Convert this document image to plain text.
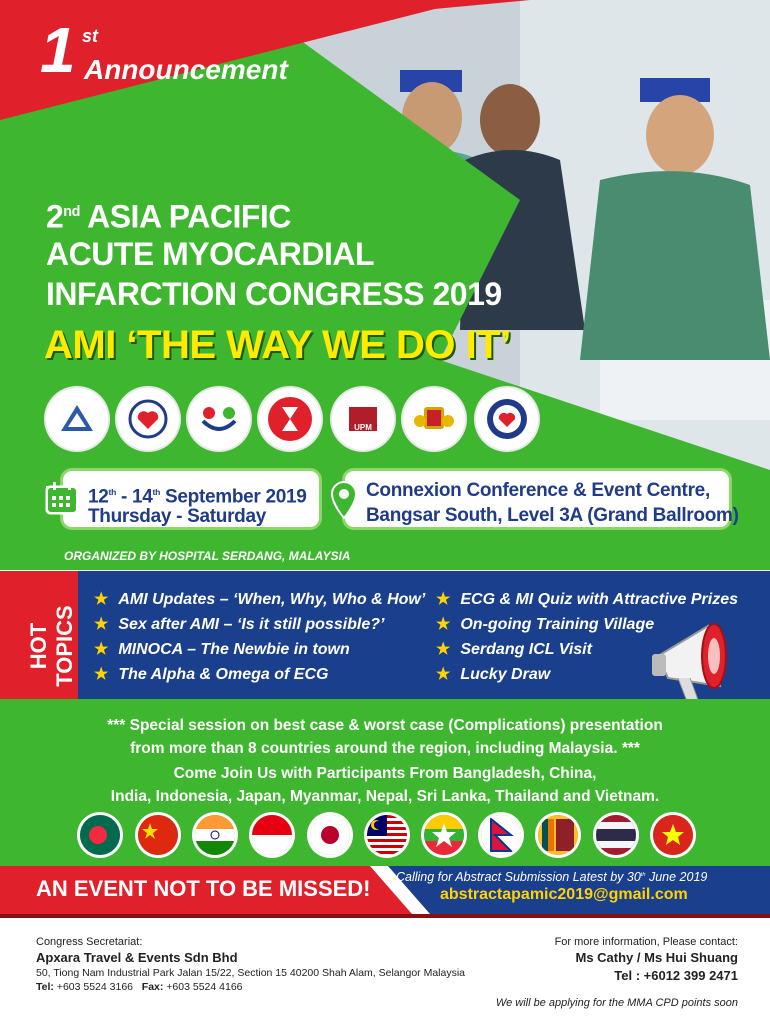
1 st
Announcement
2nd ASIA PACIFIC
ACUTE MYOCARDIAL
INFARCTION CONGRESS 2019
AMI ‘THE WAY WE DO IT’
UPM
12th - 14th September 2019
Thursday - Saturday
Connexion Conference & Event Centre,
Bangsar South, Level 3A (Grand Ballroom)
ORGANIZED BY HOSPITAL SERDANG, MALAYSIA
HOT TOPICS
★ AMI Updates – ‘When, Why, Who & How’
★ Sex after AMI – ‘Is it still possible?’
★ MINOCA – The Newbie in town
★ The Alpha & Omega of ECG
★ ECG & MI Quiz with Attractive Prizes
★ On-going Training Village
★ Serdang ICL Visit
★ Lucky Draw
*** Special session on best case & worst case (Complications) presentation
from more than 8 countries around the region, including Malaysia. ***
Come Join Us with Participants From Bangladesh, China,
India, Indonesia, Japan, Myanmar, Nepal, Sri Lanka, Thailand and Vietnam.
AN EVENT NOT TO BE MISSED! Calling for Abstract Submission Latest by 30th June 2019
abstractapamic2019@gmail.com
Congress Secretariat:
Apxara Travel & Events Sdn Bhd
50, Tiong Nam Industrial Park Jalan 15/22, Section 15 40200 Shah Alam, Selangor Malaysia
Tel: +603 5524 3166 Fax: +603 5524 4166
For more information, Please contact:
Ms Cathy / Ms Hui Shuang
Tel : +6012 399 2471
We will be applying for the MMA CPD points soon
